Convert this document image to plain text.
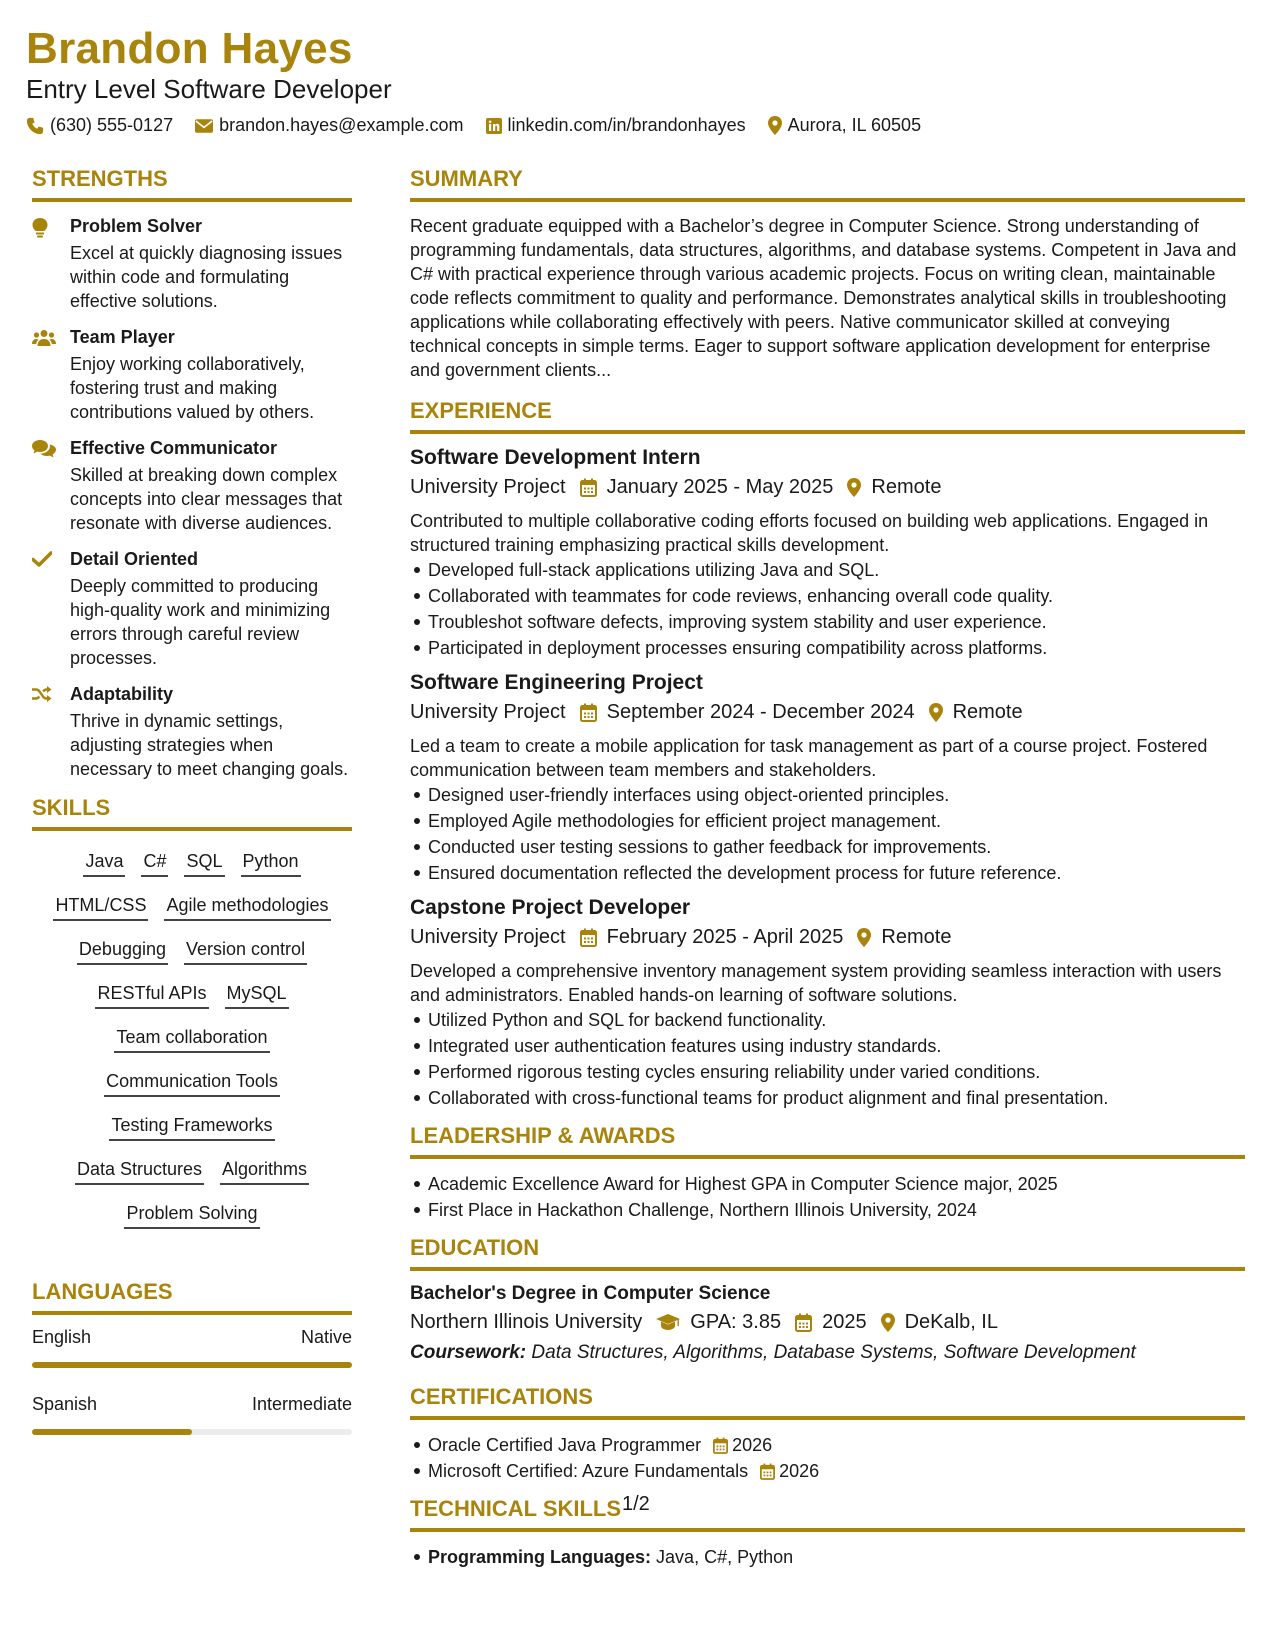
Brandon Hayes
Entry Level Software Developer
(630) 555-0127	brandon.hayes@example.com linkedin.com/in/brandonhayes Aurora, IL 60505
STRENGTHS
Problem Solver
Excel at quickly diagnosing issues within code and formulating effective solutions.
Team Player
Enjoy working collaboratively, fostering trust and making contributions valued by others.
Effective Communicator
Skilled at breaking down complex concepts into clear messages that resonate with diverse audiences.
Detail Oriented
Deeply committed to producing high-quality work and minimizing errors through careful review processes.
Adaptability
Thrive in dynamic settings, adjusting strategies when necessary to meet changing goals.
SKILLS
Java C# SQL Python
HTML/CSS Agile methodologies
Debugging Version control
RESTful APIs MySQL
Team collaboration
Communication Tools
Testing Frameworks
Data Structures Algorithms
Problem Solving
LANGUAGES
English	Native
Spanish	Intermediate
SUMMARY
Recent graduate equipped with a Bachelor’s degree in Computer Science. Strong understanding of programming fundamentals, data structures, algorithms, and database systems. Competent in Java and C# with practical experience through various academic projects. Focus on writing clean, maintainable code reflects commitment to quality and performance. Demonstrates analytical skills in troubleshooting applications while collaborating effectively with peers. Native communicator skilled at conveying technical concepts in simple terms. Eager to support software application development for enterprise and government clients...
EXPERIENCE
Software Development Intern
University Project January 2025 - May 2025 Remote
Contributed to multiple collaborative coding efforts focused on building web applications. Engaged in structured training emphasizing practical skills development.
Developed full-stack applications utilizing Java and SQL.
Collaborated with teammates for code reviews, enhancing overall code quality.
Troubleshot software defects, improving system stability and user experience.
Participated in deployment processes ensuring compatibility across platforms.
Software Engineering Project
University Project September 2024 - December 2024 Remote
Led a team to create a mobile application for task management as part of a course project. Fostered communication between team members and stakeholders.
Designed user-friendly interfaces using object-oriented principles.
Employed Agile methodologies for efficient project management.
Conducted user testing sessions to gather feedback for improvements.
Ensured documentation reflected the development process for future reference.
Capstone Project Developer
University Project February 2025 - April 2025 Remote
Developed a comprehensive inventory management system providing seamless interaction with users and administrators. Enabled hands-on learning of software solutions.
Utilized Python and SQL for backend functionality.
Integrated user authentication features using industry standards.
Performed rigorous testing cycles ensuring reliability under varied conditions.
Collaborated with cross-functional teams for product alignment and final presentation.
LEADERSHIP & AWARDS
Academic Excellence Award for Highest GPA in Computer Science major, 2025
First Place in Hackathon Challenge, Northern Illinois University, 2024
EDUCATION
Bachelor's Degree in Computer Science
Northern Illinois University GPA: 3.85 2025 DeKalb, IL
Coursework: Data Structures, Algorithms, Database Systems, Software Development
CERTIFICATIONS
Oracle Certified Java Programmer 2026
Microsoft Certified: Azure Fundamentals 2026
TECHNICAL SKILLS
Programming Languages: Java, C#, Python
1/2
